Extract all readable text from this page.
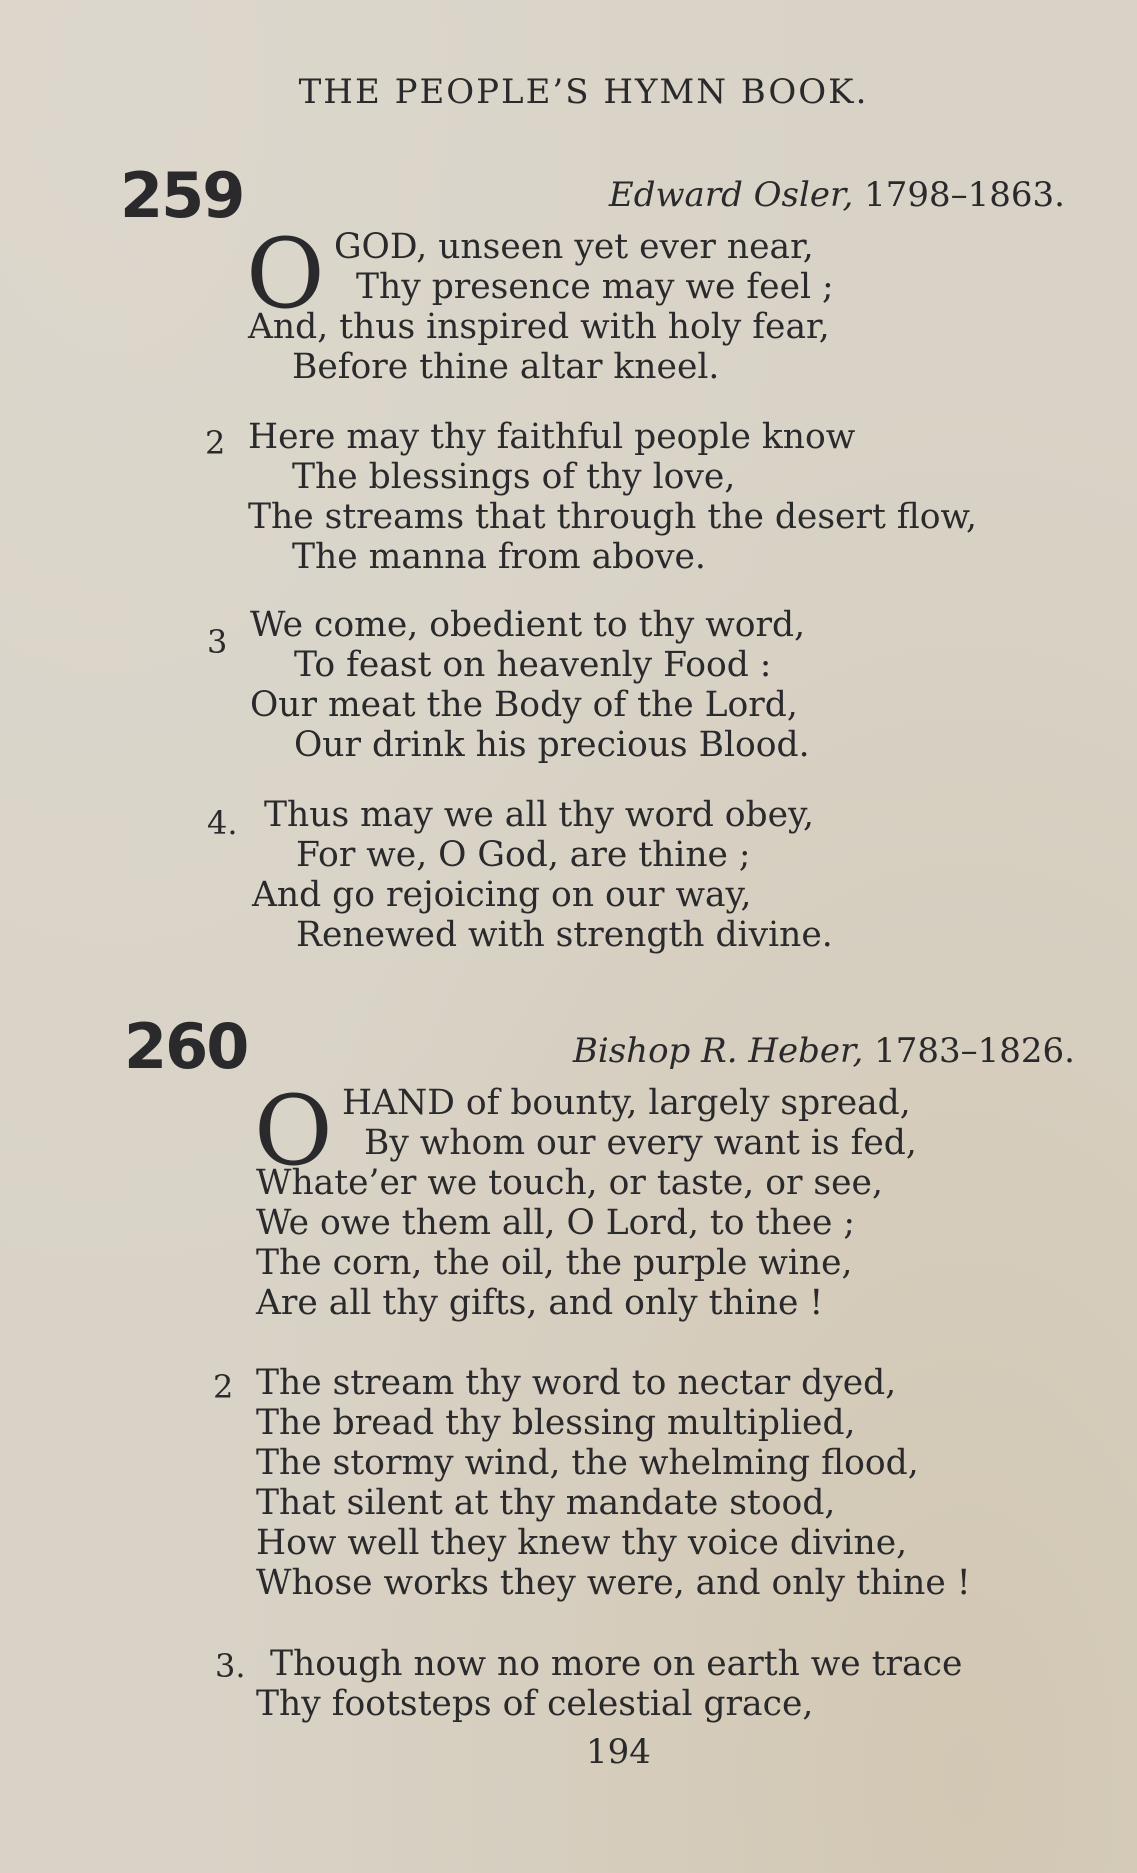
THE PEOPLE’S HYMN BOOK.
259	Edward Osler, 1798–1863.
O GOD, unseen yet ever near,
Thy presence may we feel ;
And, thus inspired with holy fear,
Before thine altar kneel.
2 Here may thy faithful people know
The blessings of thy love,
The streams that through the desert flow,
The manna from above.
3 We come, obedient to thy word,
To feast on heavenly Food :
Our meat the Body of the Lord,
Our drink his precious Blood.
4. Thus may we all thy word obey,
For we, O God, are thine ;
And go rejoicing on our way,
Renewed with strength divine.
260	Bishop R. Heber, 1783–1826.
O HAND of bounty, largely spread,
By whom our every want is fed,
Whate’er we touch, or taste, or see,
We owe them all, O Lord, to thee ;
The corn, the oil, the purple wine,
Are all thy gifts, and only thine !
2 The stream thy word to nectar dyed,
The bread thy blessing multiplied,
The stormy wind, the whelming flood,
That silent at thy mandate stood,
How well they knew thy voice divine,
Whose works they were, and only thine !
3. Though now no more on earth we trace
Thy footsteps of celestial grace,
194
